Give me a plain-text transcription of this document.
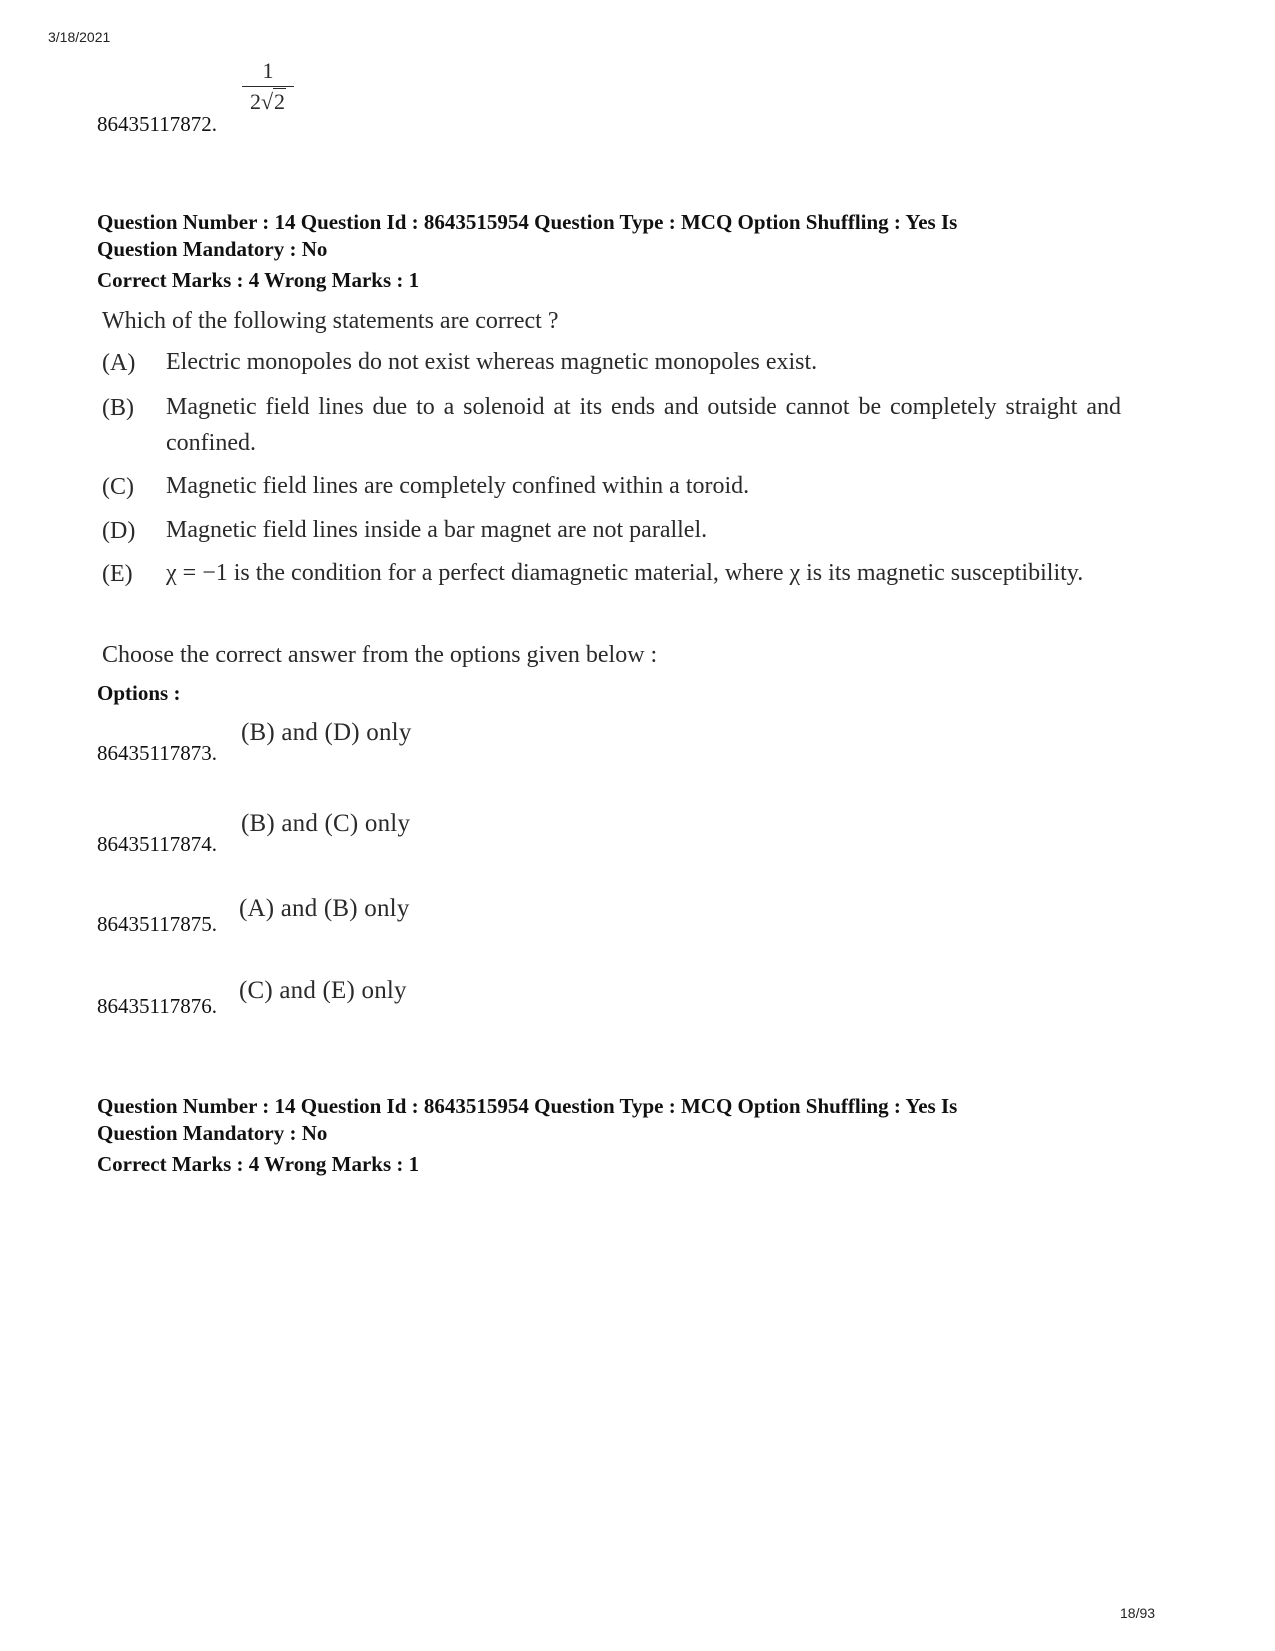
3/18/2021
86435117872.
1
2√2
Question Number : 14 Question Id : 8643515954 Question Type : MCQ Option Shuffling : Yes Is
Question Mandatory : No
Correct Marks : 4 Wrong Marks : 1
Which of the following statements are correct ?
(A) Electric monopoles do not exist whereas magnetic monopoles exist.
(B) Magnetic field lines due to a solenoid at its ends and outside cannot be completely straight and confined.
(C) Magnetic field lines are completely confined within a toroid.
(D) Magnetic field lines inside a bar magnet are not parallel.
(E) χ = −1 is the condition for a perfect diamagnetic material, where χ is its magnetic susceptibility.
Choose the correct answer from the options given below :
Options :
86435117873.
(B) and (D) only
86435117874.
(B) and (C) only
86435117875.
(A) and (B) only
86435117876.
(C) and (E) only
Question Number : 14 Question Id : 8643515954 Question Type : MCQ Option Shuffling : Yes Is
Question Mandatory : No
Correct Marks : 4 Wrong Marks : 1
18/93
